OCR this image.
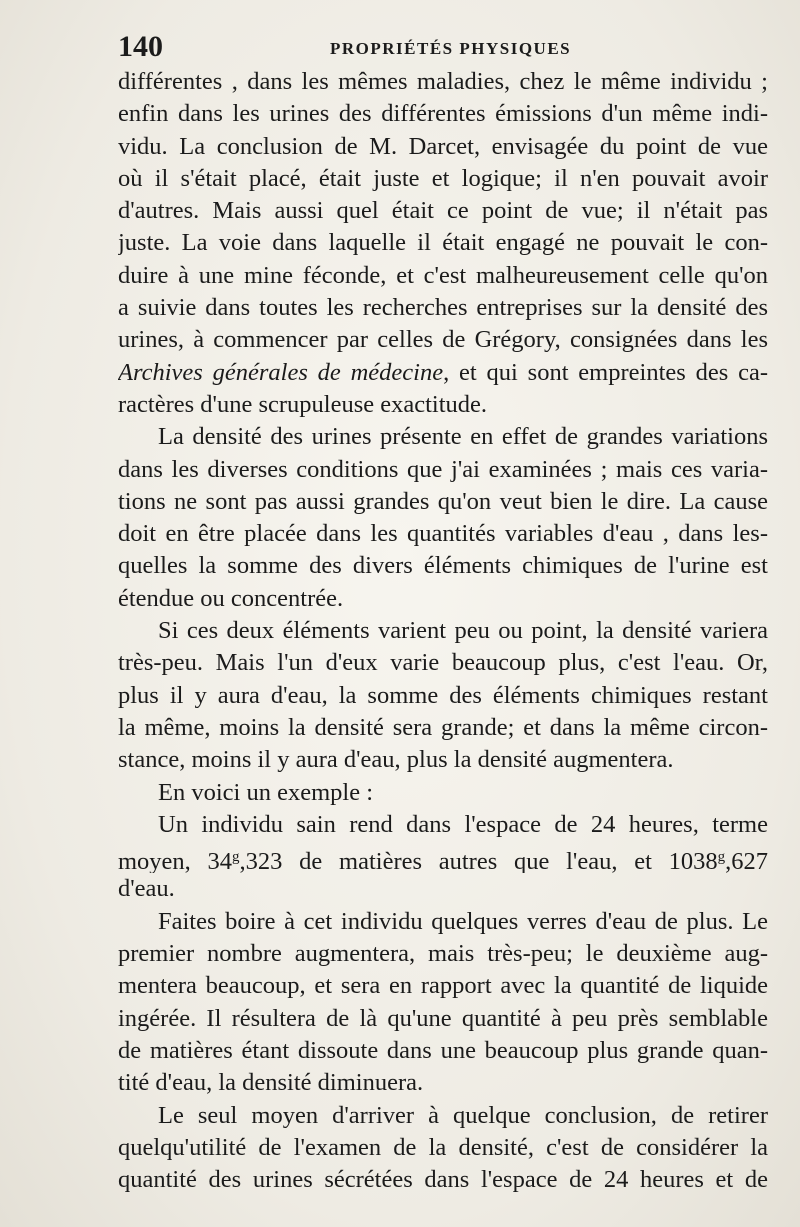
140	PROPRIÉTÉS PHYSIQUES
différentes , dans les mêmes maladies, chez le même individu ;
enfin dans les urines des différentes émissions d'un même indi-
vidu. La conclusion de M. Darcet, envisagée du point de vue
où il s'était placé, était juste et logique; il n'en pouvait avoir
d'autres. Mais aussi quel était ce point de vue; il n'était pas
juste. La voie dans laquelle il était engagé ne pouvait le con-
duire à une mine féconde, et c'est malheureusement celle qu'on
a suivie dans toutes les recherches entreprises sur la densité des
urines, à commencer par celles de Grégory, consignées dans les
Archives générales de médecine, et qui sont empreintes des ca-
ractères d'une scrupuleuse exactitude.
La densité des urines présente en effet de grandes variations
dans les diverses conditions que j'ai examinées ; mais ces varia-
tions ne sont pas aussi grandes qu'on veut bien le dire. La cause
doit en être placée dans les quantités variables d'eau , dans les-
quelles la somme des divers éléments chimiques de l'urine est
étendue ou concentrée.
Si ces deux éléments varient peu ou point, la densité variera
très-peu. Mais l'un d'eux varie beaucoup plus, c'est l'eau. Or,
plus il y aura d'eau, la somme des éléments chimiques restant
la même, moins la densité sera grande; et dans la même circon-
stance, moins il y aura d'eau, plus la densité augmentera.
En voici un exemple :
Un individu sain rend dans l'espace de 24 heures, terme
moyen, 34$^g$,323 de matières autres que l'eau, et 1038$^g$,627
d'eau.
Faites boire à cet individu quelques verres d'eau de plus. Le
premier nombre augmentera, mais très-peu; le deuxième aug-
mentera beaucoup, et sera en rapport avec la quantité de liquide
ingérée. Il résultera de là qu'une quantité à peu près semblable
de matières étant dissoute dans une beaucoup plus grande quan-
tité d'eau, la densité diminuera.
Le seul moyen d'arriver à quelque conclusion, de retirer
quelqu'utilité de l'examen de la densité, c'est de considérer la
quantité des urines sécrétées dans l'espace de 24 heures et de
